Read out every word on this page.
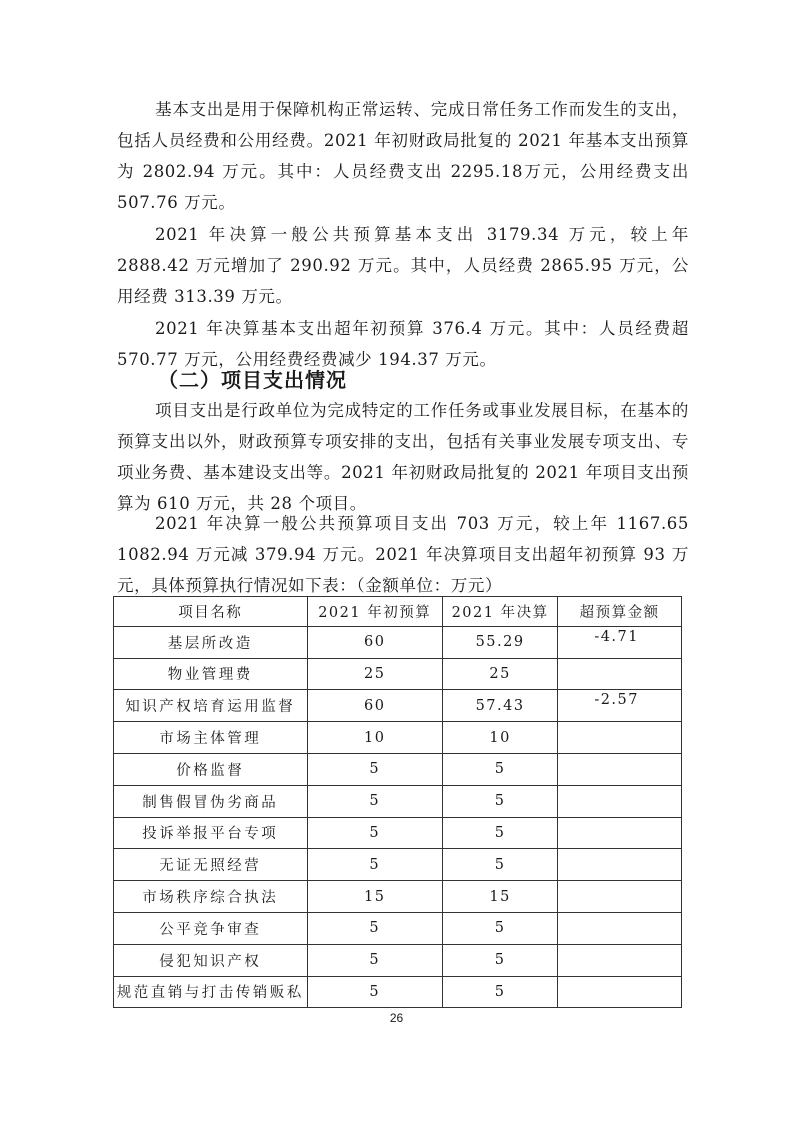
基本支出是用于保障机构正常运转、完成日常任务工作而发生的支出，包括人员经费和公用经费。2021 年初财政局批复的 2021 年基本支出预算为 2802.94 万元。其中：人员经费支出 2295.18万元，公用经费支出 507.76 万元。

2021 年决算一般公共预算基本支出 3179.34 万元，较上年 2888.42 万元增加了 290.92 万元。其中，人员经费 2865.95 万元，公用经费 313.39 万元。

2021 年决算基本支出超年初预算 376.4 万元。其中：人员经费超 570.77 万元，公用经费经费减少 194.37 万元。

（二）项目支出情况

项目支出是行政单位为完成特定的工作任务或事业发展目标，在基本的预算支出以外，财政预算专项安排的支出，包括有关事业发展专项支出、专项业务费、基本建设支出等。2021 年初财政局批复的 2021 年项目支出预算为 610 万元，共 28 个项目。

2021 年决算一般公共预算项目支出 703 万元，较上年 1167.65 1082.94 万元减 379.94 万元。2021 年决算项目支出超年初预算 93 万元，具体预算执行情况如下表：（金额单位：万元）

项目名称	2021 年初预算	2021 年决算	超预算金额
基层所改造	60	55.29	-4.71
物业管理费	25	25	
知识产权培育运用监督	60	57.43	-2.57
市场主体管理	10	10	
价格监督	5	5	
制售假冒伪劣商品	5	5	
投诉举报平台专项	5	5	
无证无照经营	5	5	
市场秩序综合执法	15	15	
公平竞争审查	5	5	
侵犯知识产权	5	5	
规范直销与打击传销贩私	5	5	
26
